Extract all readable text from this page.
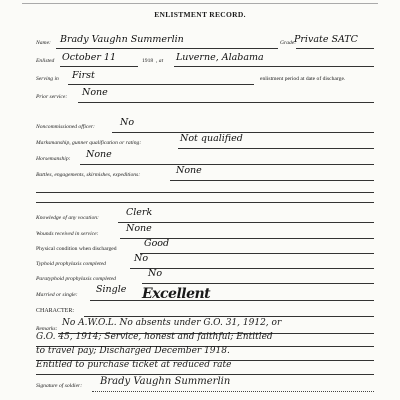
ENLISTMENT RECORD.
Name: Brady Vaughn Summerlin	Grade:
Private SATC
Enlisted October 11	1918 , at Luverne, Alabama
Serving in First	enlistment period at date of discharge.
Prior service: None
Noncommissioned officer:	No
Marksmanship, gunner qualification or rating:	Not qualified
Horsemanship: None
Battles, engagements, skirmishes, expeditions:	None
Knowledge of any vocation:	Clerk
Wounds received in service:	None
Physical condition when discharged	Good
Typhoid prophylaxis completed	No
Paratyphoid prophylaxis completed	No
Married or single: Single
CHARACTER:
Excellent
Remarks:
No A.W.O.L. No absents under G.O. 31, 1912, or
G.O. 45, 1914; Service, honest and faithful; Entitled
to travel pay; Discharged December 1918.
Entitled to purchase ticket at reduced rate
Signature of soldier: Brady Vaughn Summerlin
